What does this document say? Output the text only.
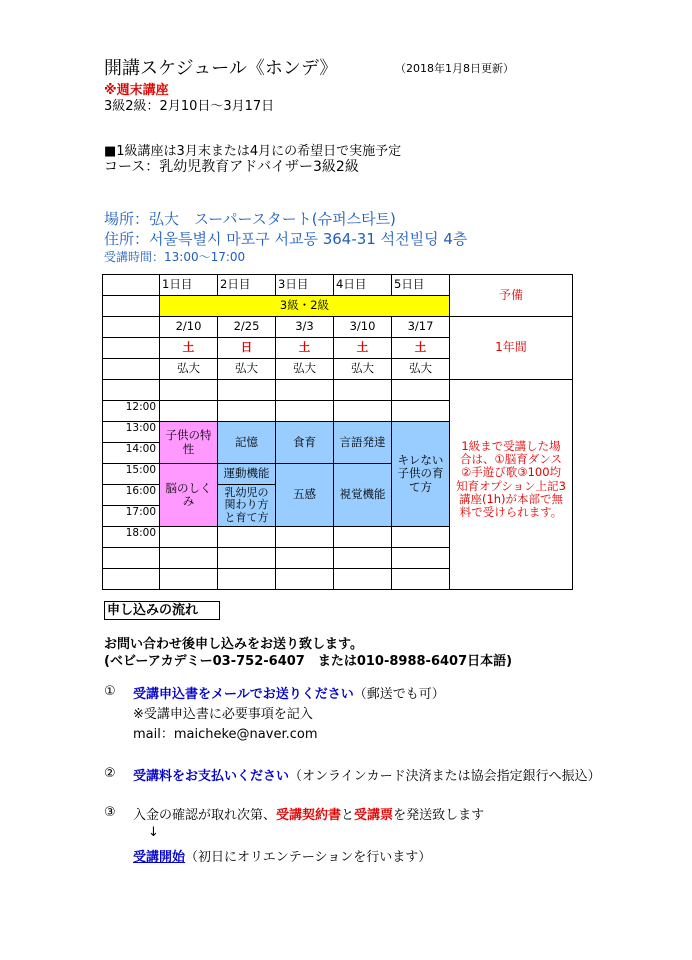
開講スケジュール《ホンデ》	（2018年1月8日更新）
※週末講座
3級2級：2月10日～3月17日
■1級講座は3月末または4月にの希望日で実施予定
コース：乳幼児教育アドバイザー3級2級
場所：弘大　スーパースタート(슈퍼스타트)
住所：서울특별시 마포구 서교동 364-31 석전빌딩 4층
受講時間：13:00～17:00
	1日目	2日目	3日目	4日目	5日目	予備
	3級・2級					
	2/10	2/25	3/3	3/10	3/17	1年間
	土	日	土	土	土	
	弘大	弘大	弘大	弘大	弘大	

						1級まで受講した場合は、①脳育ダンス②手遊び歌③100均知育オプション上記3講座(1h)が本部で無料で受けられます。

12:00						
13:00	子供の特性	記憶	食育	言語発達	キレない子供の育て方	

14:00						
15:00	脳のしくみ	運動機能	五感	視覚機能		
16:00		乳幼児の関わり方と育て方				

17:00						
18:00						

申し込みの流れ
お問い合わせ後申し込みをお送り致します。
(ベビーアカデミー03-752-6407　または010-8988-6407日本語)
① 受講申込書をメールでお送りください（郵送でも可）
※受講申込書に必要事項を記入
mail：maicheke@naver.com
② 受講料をお支払いください（オンラインカード決済または協会指定銀行へ振込）
③ 入金の確認が取れ次第、受講契約書と受講票を発送致します
↓
受講開始（初日にオリエンテーションを行います）
